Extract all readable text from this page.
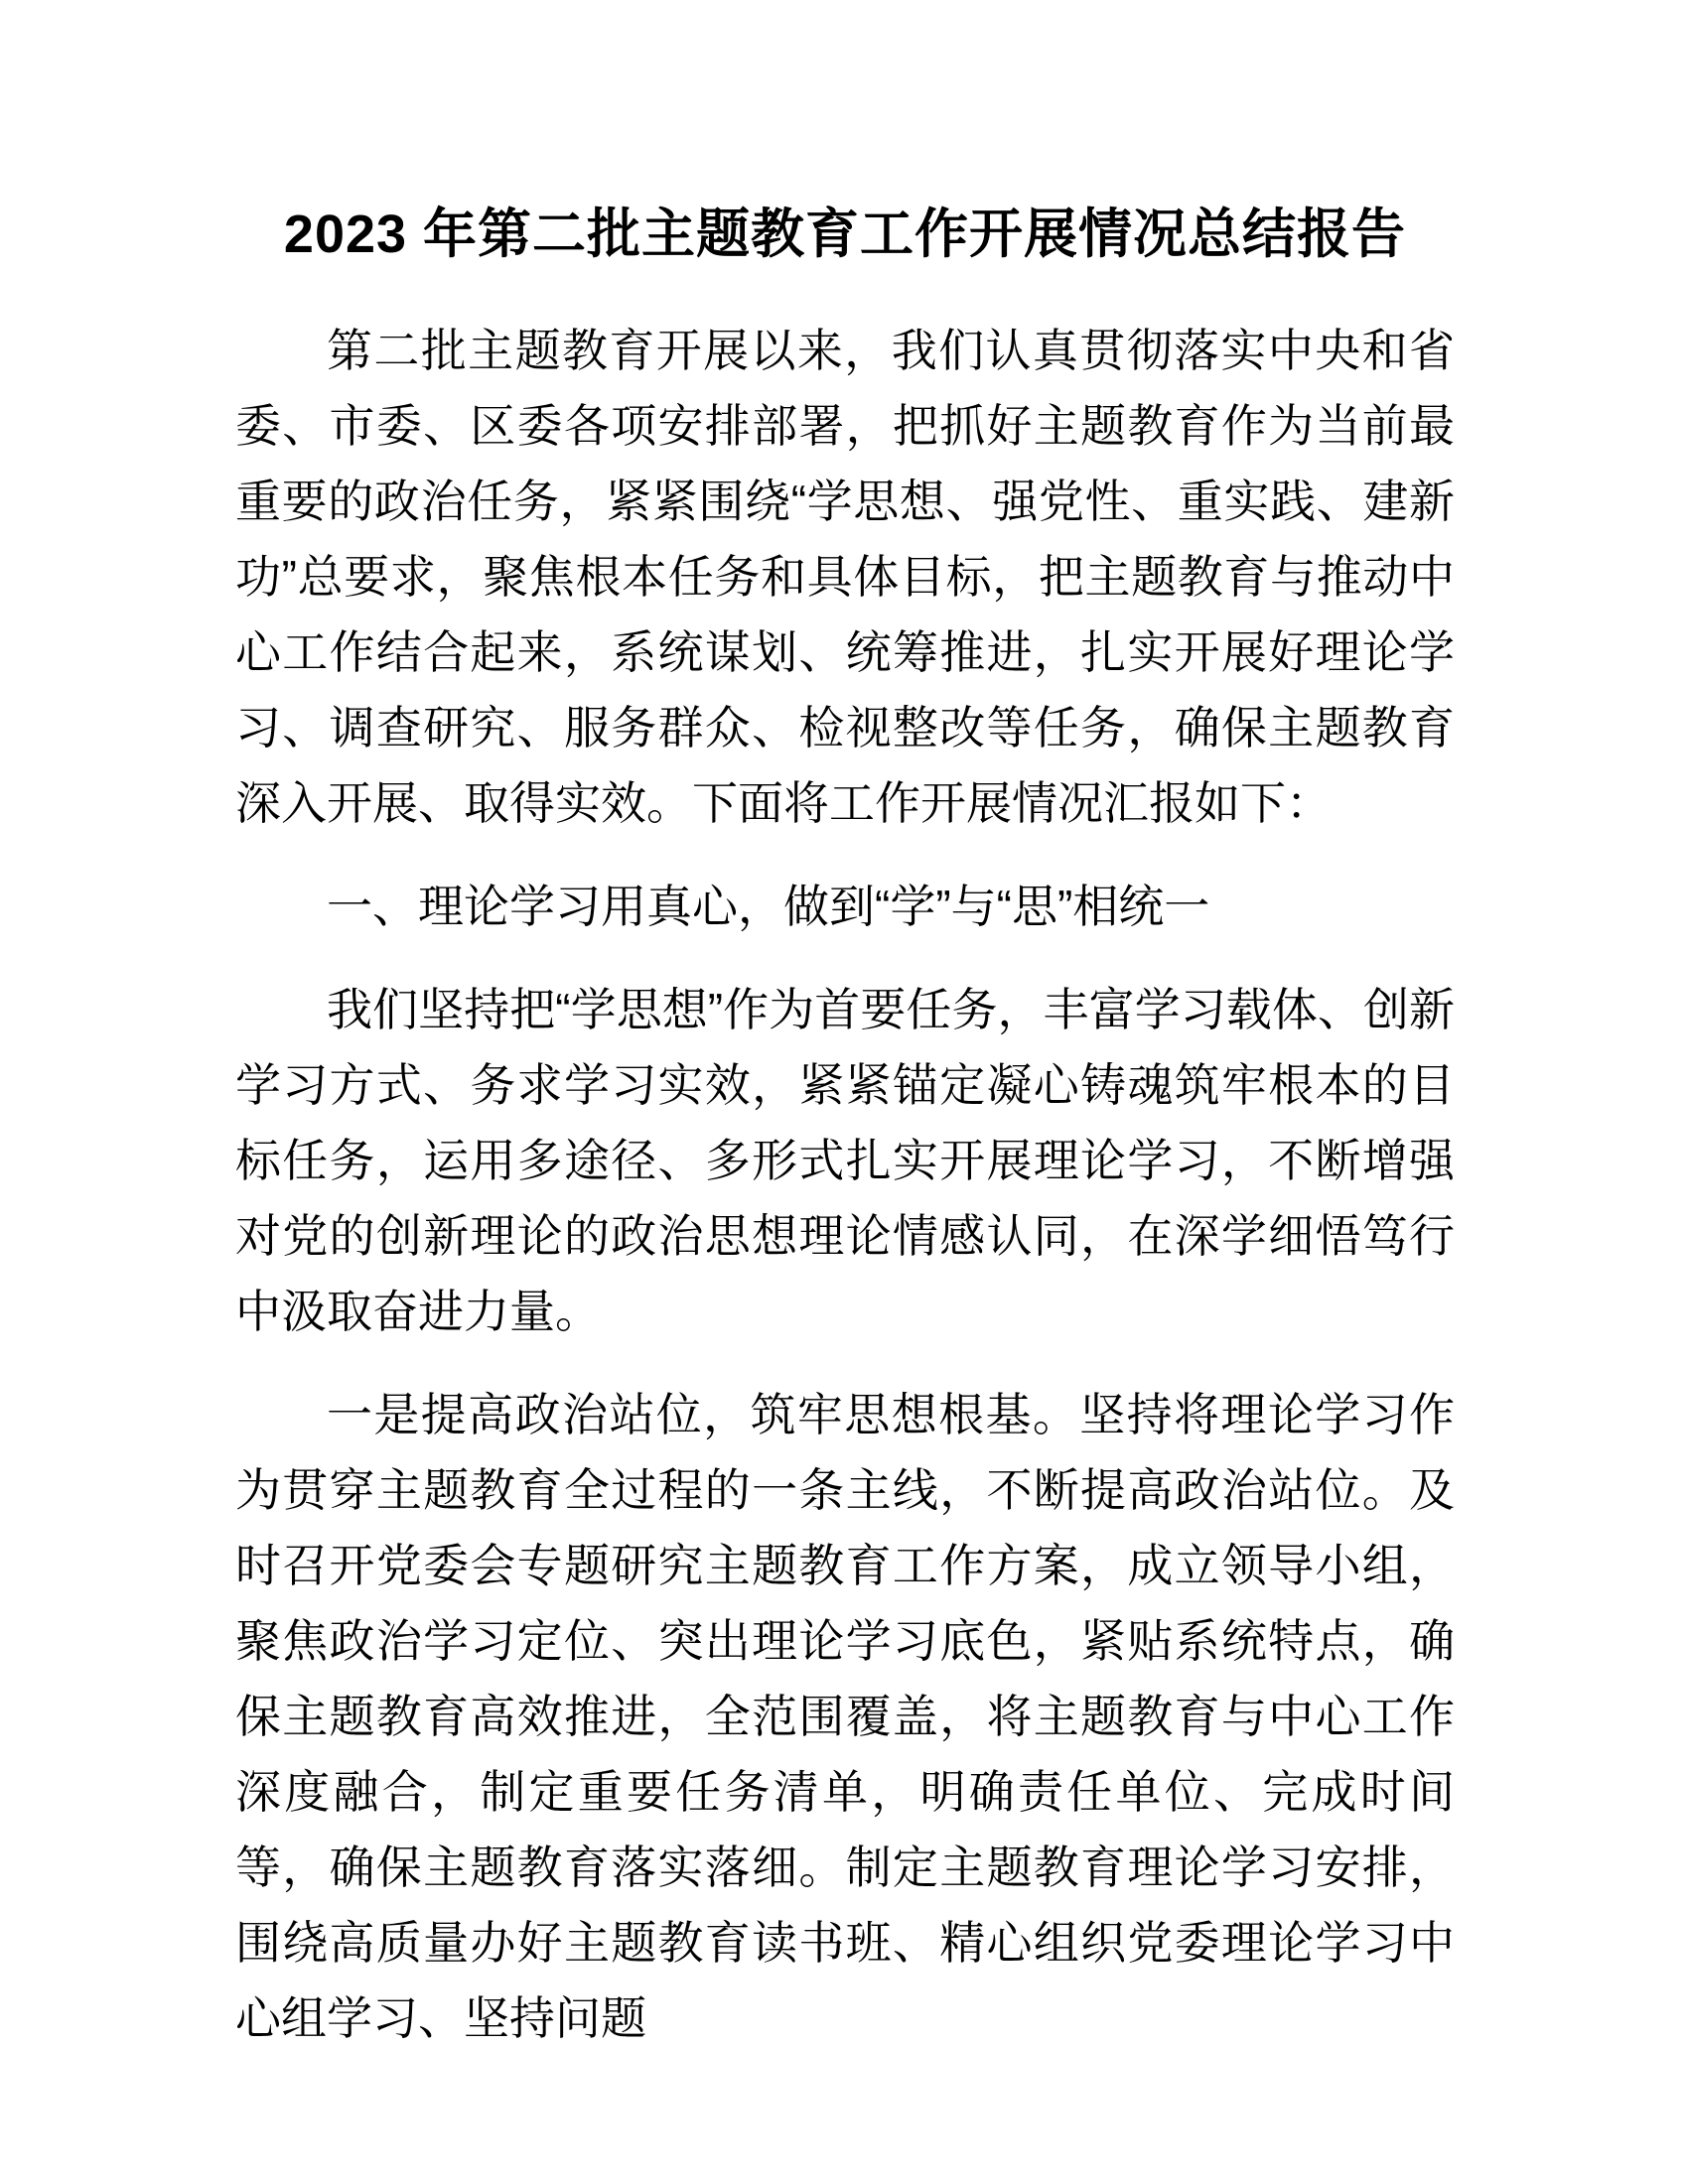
2023 年第二批主题教育工作开展情况总结报告

第二批主题教育开展以来，我们认真贯彻落实中央和省委、市委、区委各项安排部署，把抓好主题教育作为当前最重要的政治任务，紧紧围绕“学思想、强党性、重实践、建新功”总要求，聚焦根本任务和具体目标，把主题教育与推动中心工作结合起来，系统谋划、统筹推进，扎实开展好理论学习、调查研究、服务群众、检视整改等任务，确保主题教育深入开展、取得实效。下面将工作开展情况汇报如下：

一、理论学习用真心，做到“学”与“思”相统一

我们坚持把“学思想”作为首要任务，丰富学习载体、创新学习方式、务求学习实效，紧紧锚定凝心铸魂筑牢根本的目标任务，运用多途径、多形式扎实开展理论学习，不断增强对党的创新理论的政治思想理论情感认同，在深学细悟笃行中汲取奋进力量。

一是提高政治站位，筑牢思想根基。坚持将理论学习作为贯穿主题教育全过程的一条主线，不断提高政治站位。及时召开党委会专题研究主题教育工作方案，成立领导小组，聚焦政治学习定位、突出理论学习底色，紧贴系统特点，确保主题教育高效推进，全范围覆盖，将主题教育与中心工作深度融合，制定重要任务清单，明确责任单位、完成时间等，确保主题教育落实落细。制定主题教育理论学习安排，围绕高质量办好主题教育读书班、精心组织党委理论学习中心组学习、坚持问题
